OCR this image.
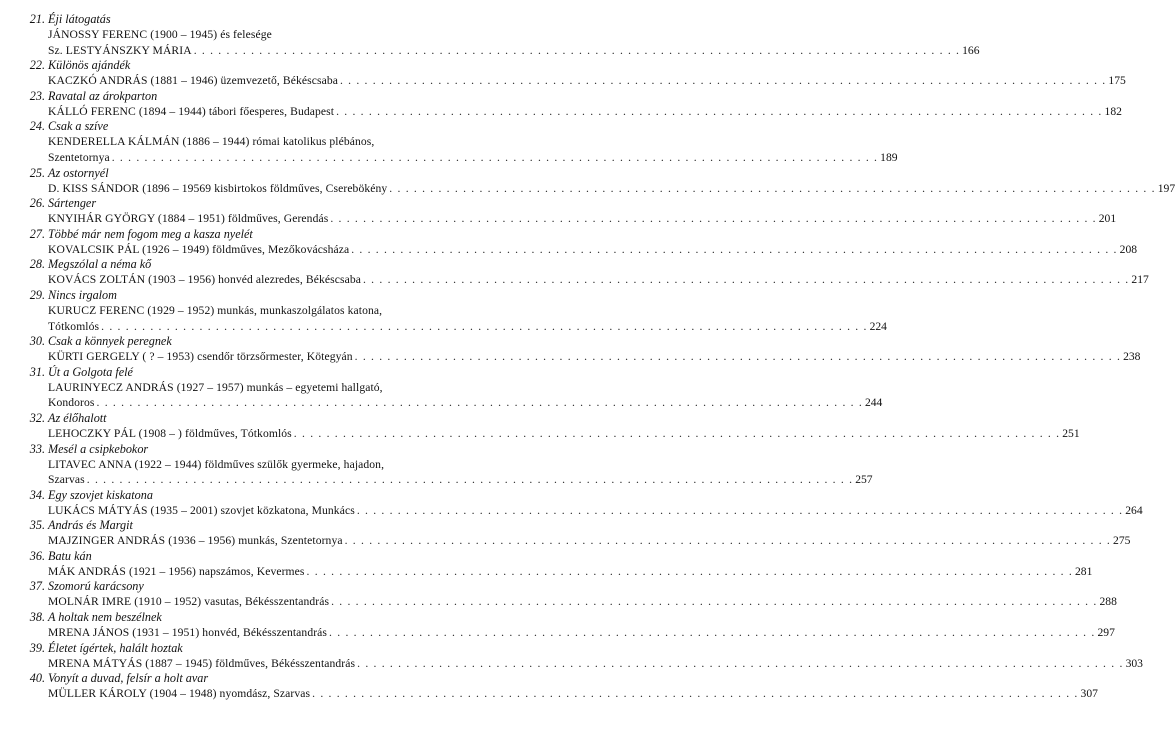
21. Éji látogatás
JÁNOSSY FERENC (1900 – 1945) és felesége
Sz. LESTYÁNSZKY MÁRIA . . .	166
22. Különös ajándék
KACZKÓ ANDRÁS (1881 – 1946) üzemvezető, Békéscsaba . . .	175
23. Ravatal az árokparton
KÁLLÓ FERENC (1894 – 1944) tábori főesperes, Budapest . . .	182
24. Csak a szíve
KENDERELLA KÁLMÁN (1886 – 1944) római katolikus plébános,
Szentetornya . . .	189
25. Az ostornyél
D. KISS SÁNDOR (1896 – 19569 kisbirtokos földműves, Cserebökény . . .	197
26. Sártenger
KNYIHÁR GYÖRGY (1884 – 1951) földműves, Gerendás . . .	201
27. Többé már nem fogom meg a kasza nyelét
KOVALCSIK PÁL (1926 – 1949) földműves, Mezőkovácsháza . . .	208
28. Megszólal a néma kő
KOVÁCS ZOLTÁN (1903 – 1956) honvéd alezredes, Békéscsaba . . .	217
29. Nincs irgalom
KURUCZ FERENC (1929 – 1952) munkás, munkaszolgálatos katona,
Tótkomlós . . .	224
30. Csak a könnyek peregnek
KÜRTI GERGELY ( ? – 1953) csendőr törzsőrmester, Kötegyán . . .	238
31. Út a Golgota felé
LAURINYECZ ANDRÁS (1927 – 1957) munkás – egyetemi hallgató,
Kondoros . . .	244
32. Az élőhalott
LEHOCZKY PÁL (1908 – ) földműves, Tótkomlós . . .	251
33. Mesél a csipkebokor
LITAVEC ANNA (1922 – 1944) földműves szülők gyermeke, hajadon,
Szarvas . . .	257
34. Egy szovjet kiskatona
LUKÁCS MÁTYÁS (1935 – 2001) szovjet közkatona, Munkács . . .	264
35. András és Margit
MAJZINGER ANDRÁS (1936 – 1956) munkás, Szentetornya . . .	275
36. Batu kán
MÁK ANDRÁS (1921 – 1956) napszámos, Kevermes . . .	281
37. Szomorú karácsony
MOLNÁR IMRE (1910 – 1952) vasutas, Békésszentandrás . . .	288
38. A holtak nem beszélnek
MRENA JÁNOS (1931 – 1951) honvéd, Békésszentandrás . . .	297
39. Életet ígértek, halált hoztak
MRENA MÁTYÁS (1887 – 1945) földműves, Békésszentandrás . . .	303
40. Vonyít a duvad, felsír a holt avar
MÜLLER KÁROLY (1904 – 1948) nyomdász, Szarvas . . .	307
